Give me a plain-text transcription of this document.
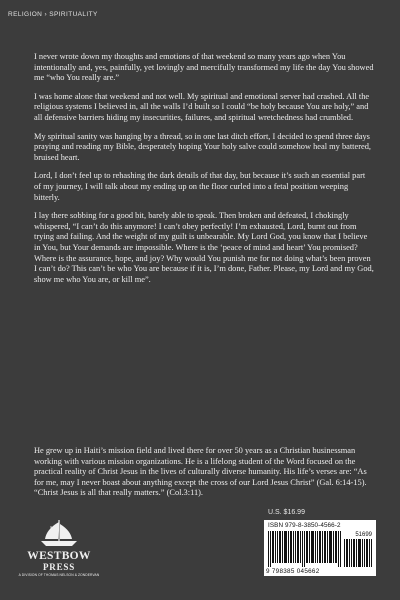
RELIGION › SPIRITUALITY

I never wrote down my thoughts and emotions of that weekend so many years ago when You intentionally and, yes, painfully, yet lovingly and mercifully transformed my life the day You showed me “who You really are.”

I was home alone that weekend and not well. My spiritual and emotional server had crashed. All the religious systems I believed in, all the walls I’d built so I could “be holy because You are holy,” and all defensive barriers hiding my insecurities, failures, and spiritual wretchedness had crumbled.

My spiritual sanity was hanging by a thread, so in one last ditch effort, I decided to spend three days praying and reading my Bible, desperately hoping Your holy salve could somehow heal my battered, bruised heart.

Lord, I don’t feel up to rehashing the dark details of that day, but because it’s such an essential part of my journey, I will talk about my ending up on the floor curled into a fetal position weeping bitterly.

I lay there sobbing for a good bit, barely able to speak. Then broken and defeated, I chokingly whispered, “I can’t do this anymore! I can’t obey perfectly! I’m exhausted, Lord, burnt out from trying and failing. And the weight of my guilt is unbearable. My Lord God, you know that I believe in You, but Your demands are impossible. Where is the ‘peace of mind and heart’ You promised? Where is the assurance, hope, and joy? Why would You punish me for not doing what’s been proven I can’t do? This can’t be who You are because if it is, I’m done, Father. Please, my Lord and my God, show me who You are, or kill me”.

He grew up in Haiti’s mission field and lived there for over 50 years as a Christian businessman working with various mission organizations. He is a lifelong student of the Word focused on the practical reality of Christ Jesus in the lives of culturally diverse humanity. His life’s verses are: “As for me, may I never boast about anything except the cross of our Lord Jesus Christ” (Gal. 6:14-15). “Christ Jesus is all that really matters.” (Col.3:11).

WESTBOW
PRESS
A DIVISION OF THOMAS NELSON & ZONDERVAN
U.S. $16.99
ISBN 979-8-3850-4566-2
51699
9 798385 045662
